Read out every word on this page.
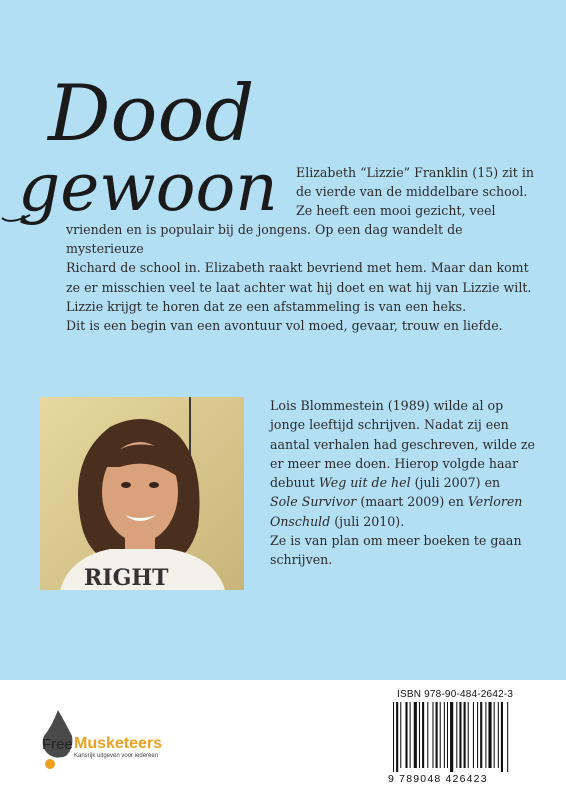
Dood
gewoon Elizabeth “Lizzie” Franklin (15) zit in

de vierde van de middelbare school.

Ze heeft een mooi gezicht, veel

vrienden en is populair bij de jongens. Op een dag wandelt de mysterieuze

Richard de school in. Elizabeth raakt bevriend met hem. Maar dan komt

ze er misschien veel te laat achter wat hij doet en wat hij van Lizzie wilt.

Lizzie krijgt te horen dat ze een afstammeling is van een heks.

Dit is een begin van een avontuur vol moed, gevaar, trouw en liefde.

RIGHT

Lois Blommestein (1989) wilde al op

jonge leeftijd schrijven. Nadat zij een

aantal verhalen had geschreven, wilde ze

er meer mee doen. Hierop volgde haar

debuut Weg uit de hel (juli 2007) en

Sole Survivor (maart 2009) en Verloren

Onschuld (juli 2010).

Ze is van plan om meer boeken te gaan

schrijven.

Free Musketeers
Kansrijk uitgeven voor iedereen
ISBN 978-90-484-2642-3
9 789048 426423
